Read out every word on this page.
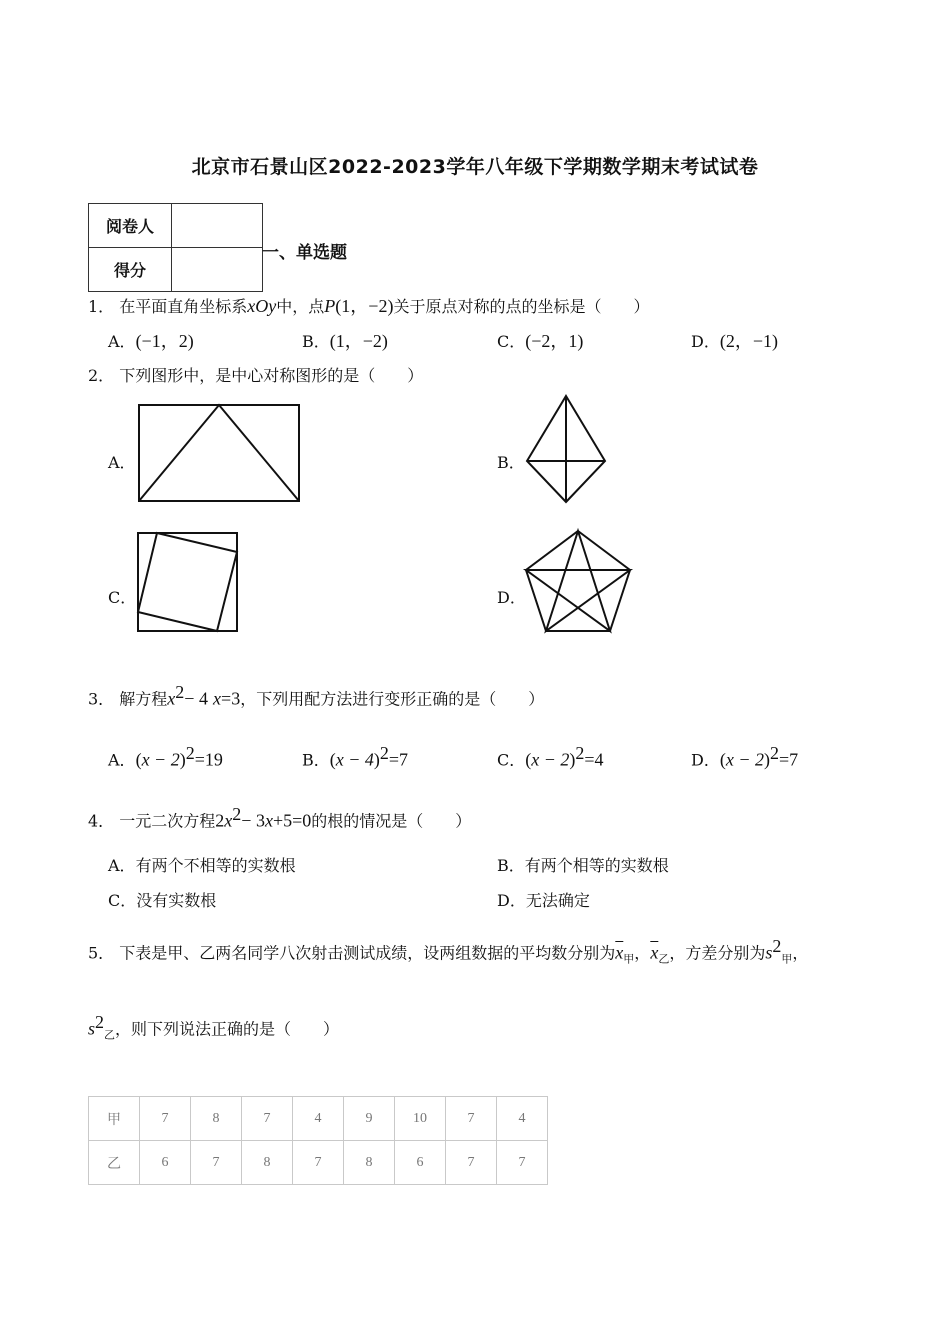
北京市石景山区2022-2023学年八年级下学期数学期末考试试卷
阅卷人	
得分	
一、单选题
1． 在平面直角坐标系xOy中，点P(1，−2)关于原点对称的点的坐标是（　　）
A．(−1，2)	B．(1，−2)	C．(−2，1)	D．(2，−1)
2． 下列图形中，是中心对称图形的是（　　）
A．	B．
C．	D．
3． 解方程$x^2- 4$ x=3，下列用配方法进行变形正确的是（　　）
A．$(x - 2)^2=19$	B．$(x - 4)^2=7$	C．$(x - 2)^2=4$	D．$(x - 2)^2=7$
4． 一元二次方程$2x^2- 3x+5=0$的根的情况是（　　）
A．有两个不相等的实数根	B．有两个相等的实数根
C．没有实数根	D．无法确定
5． 下表是甲、乙两名同学八次射击测试成绩，设两组数据的平均数分别为$\overline{x}_甲$，$\overline{x}_乙$，方差分别为$s^2_甲$，
$s^2_乙$，则下列说法正确的是（　　）
甲	7	8	7	4	9	10	7	4
乙	6	7	8	7	8	6	7	7
